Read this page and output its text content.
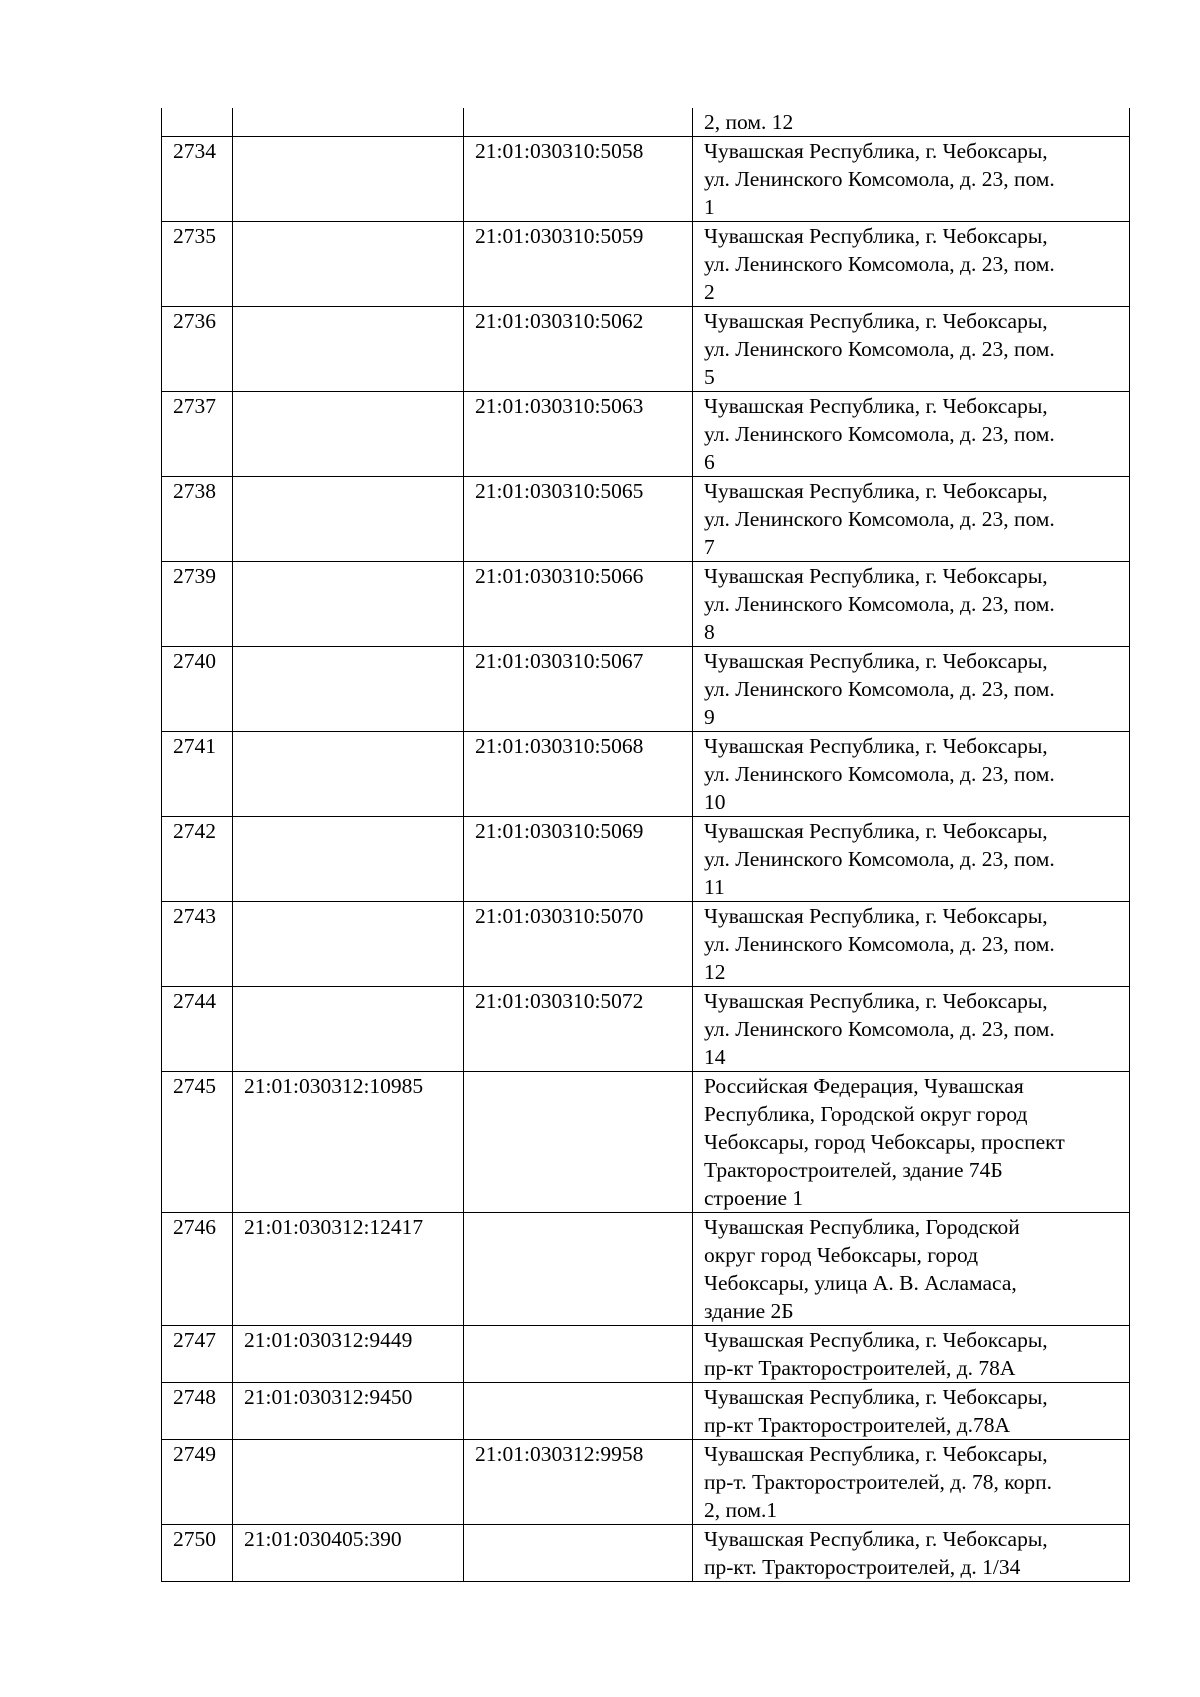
			2, пом. 12
2734		21:01:030310:5058	Чувашская Республика, г. Чебоксары,
ул. Ленинского Комсомола, д. 23, пом.
1
2735		21:01:030310:5059	Чувашская Республика, г. Чебоксары,
ул. Ленинского Комсомола, д. 23, пом.
2
2736		21:01:030310:5062	Чувашская Республика, г. Чебоксары,
ул. Ленинского Комсомола, д. 23, пом.
5
2737		21:01:030310:5063	Чувашская Республика, г. Чебоксары,
ул. Ленинского Комсомола, д. 23, пом.
6
2738		21:01:030310:5065	Чувашская Республика, г. Чебоксары,
ул. Ленинского Комсомола, д. 23, пом.
7
2739		21:01:030310:5066	Чувашская Республика, г. Чебоксары,
ул. Ленинского Комсомола, д. 23, пом.
8
2740		21:01:030310:5067	Чувашская Республика, г. Чебоксары,
ул. Ленинского Комсомола, д. 23, пом.
9
2741		21:01:030310:5068	Чувашская Республика, г. Чебоксары,
ул. Ленинского Комсомола, д. 23, пом.
10
2742		21:01:030310:5069	Чувашская Республика, г. Чебоксары,
ул. Ленинского Комсомола, д. 23, пом.
11
2743		21:01:030310:5070	Чувашская Республика, г. Чебоксары,
ул. Ленинского Комсомола, д. 23, пом.
12
2744		21:01:030310:5072	Чувашская Республика, г. Чебоксары,
ул. Ленинского Комсомола, д. 23, пом.
14
2745	21:01:030312:10985		Российская Федерация, Чувашская
Республика, Городской округ город
Чебоксары, город Чебоксары, проспект
Тракторостроителей, здание 74Б
строение 1
2746	21:01:030312:12417		Чувашская Республика, Городской
округ город Чебоксары, город
Чебоксары, улица А. В. Асламаса,
здание 2Б
2747	21:01:030312:9449		Чувашская Республика, г. Чебоксары,
пр-кт Тракторостроителей, д. 78А
2748	21:01:030312:9450		Чувашская Республика, г. Чебоксары,
пр-кт Тракторостроителей, д.78А
2749		21:01:030312:9958	Чувашская Республика, г. Чебоксары,
пр-т. Тракторостроителей, д. 78, корп.
2, пом.1
2750	21:01:030405:390		Чувашская Республика, г. Чебоксары,
пр-кт. Тракторостроителей, д. 1/34
